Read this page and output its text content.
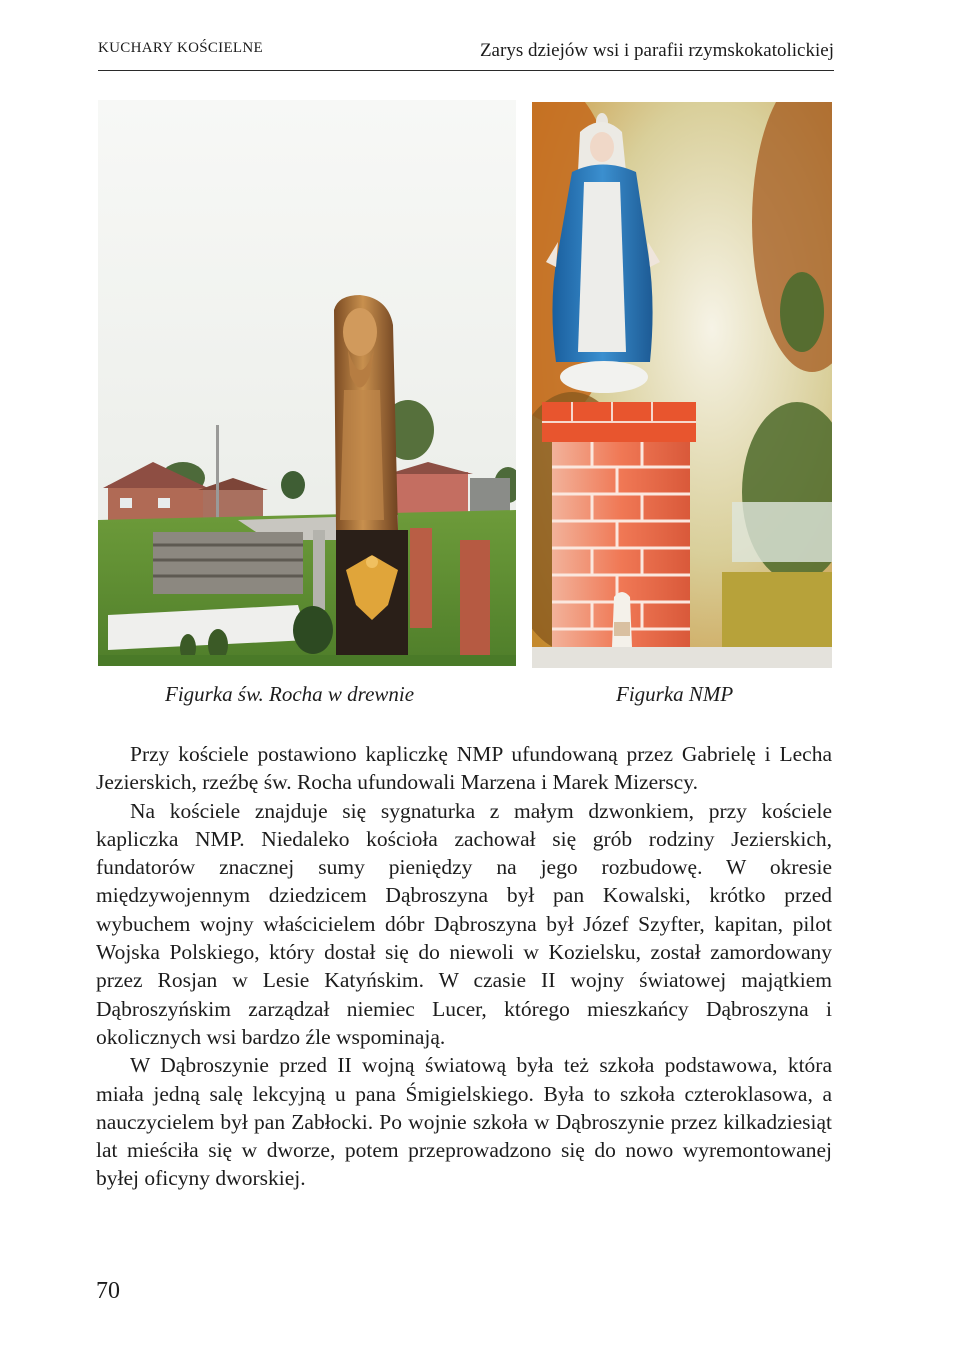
KUCHARY KOŚCIELNE	Zarys dziejów wsi i parafii rzymskokatolickiej
Figurka św. Rocha w drewnie	Figurka NMP

Przy kościele postawiono kapliczkę NMP ufundowaną przez Gabrielę i Lecha Jezierskich, rzeźbę św. Rocha ufundowali Marzena i Marek Mizerscy.

Na kościele znajduje się sygnaturka z małym dzwonkiem, przy kościele kapliczka NMP. Niedaleko kościoła zachował się grób rodziny Jezierskich, fundatorów znacznej sumy pieniędzy na jego rozbudowę. W okresie międzywojennym dziedzicem Dąbroszyna był pan Kowalski, krótko przed wybuchem wojny właścicielem dóbr Dąbroszyna był Józef Szyfter, kapitan, pilot Wojska Polskiego, który dostał się do niewoli w Kozielsku, został zamordowany przez Rosjan w Lesie Katyńskim. W czasie II wojny światowej majątkiem Dąbroszyńskim zarządzał niemiec Lucer, którego mieszkańcy Dąbroszyna i okolicznych wsi bardzo źle wspominają.

W Dąbroszynie przed II wojną światową była też szkoła podstawowa, która miała jedną salę lekcyjną u pana Śmigielskiego. Była to szkoła czteroklasowa, a nauczycielem był pan Zabłocki. Po wojnie szkoła w Dąbroszynie przez kilkadziesiąt lat mieściła się w dworze, potem przeprowadzono się do nowo wyremontowanej byłej oficyny dworskiej.

70
